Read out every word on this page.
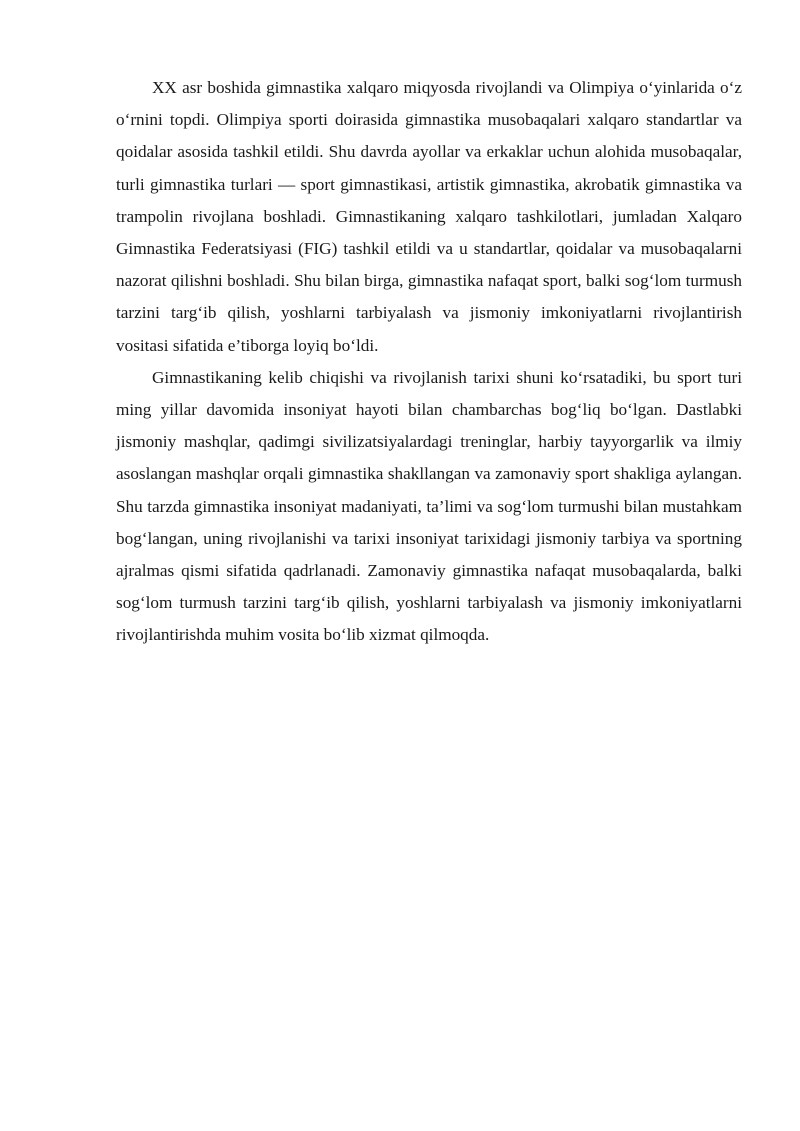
XX asr boshida gimnastika xalqaro miqyosda rivojlandi va Olimpiya o‘yinlarida o‘z o‘rnini topdi. Olimpiya sporti doirasida gimnastika musobaqalari xalqaro standartlar va qoidalar asosida tashkil etildi. Shu davrda ayollar va erkaklar uchun alohida musobaqalar, turli gimnastika turlari — sport gimnastikasi, artistik gimnastika, akrobatik gimnastika va trampolin rivojlana boshladi. Gimnastikaning xalqaro tashkilotlari, jumladan Xalqaro Gimnastika Federatsiyasi (FIG) tashkil etildi va u standartlar, qoidalar va musobaqalarni nazorat qilishni boshladi. Shu bilan birga, gimnastika nafaqat sport, balki sog‘lom turmush tarzini targ‘ib qilish, yoshlarni tarbiyalash va jismoniy imkoniyatlarni rivojlantirish vositasi sifatida e’tiborga loyiq bo‘ldi.

Gimnastikaning kelib chiqishi va rivojlanish tarixi shuni ko‘rsatadiki, bu sport turi ming yillar davomida insoniyat hayoti bilan chambarchas bog‘liq bo‘lgan. Dastlabki jismoniy mashqlar, qadimgi sivilizatsiyalardagi treninglar, harbiy tayyorgarlik va ilmiy asoslangan mashqlar orqali gimnastika shakllangan va zamonaviy sport shakliga aylangan. Shu tarzda gimnastika insoniyat madaniyati, ta’limi va sog‘lom turmushi bilan mustahkam bog‘langan, uning rivojlanishi va tarixi insoniyat tarixidagi jismoniy tarbiya va sportning ajralmas qismi sifatida qadrlanadi. Zamonaviy gimnastika nafaqat musobaqalarda, balki sog‘lom turmush tarzini targ‘ib qilish, yoshlarni tarbiyalash va jismoniy imkoniyatlarni rivojlantirishda muhim vosita bo‘lib xizmat qilmoqda.
